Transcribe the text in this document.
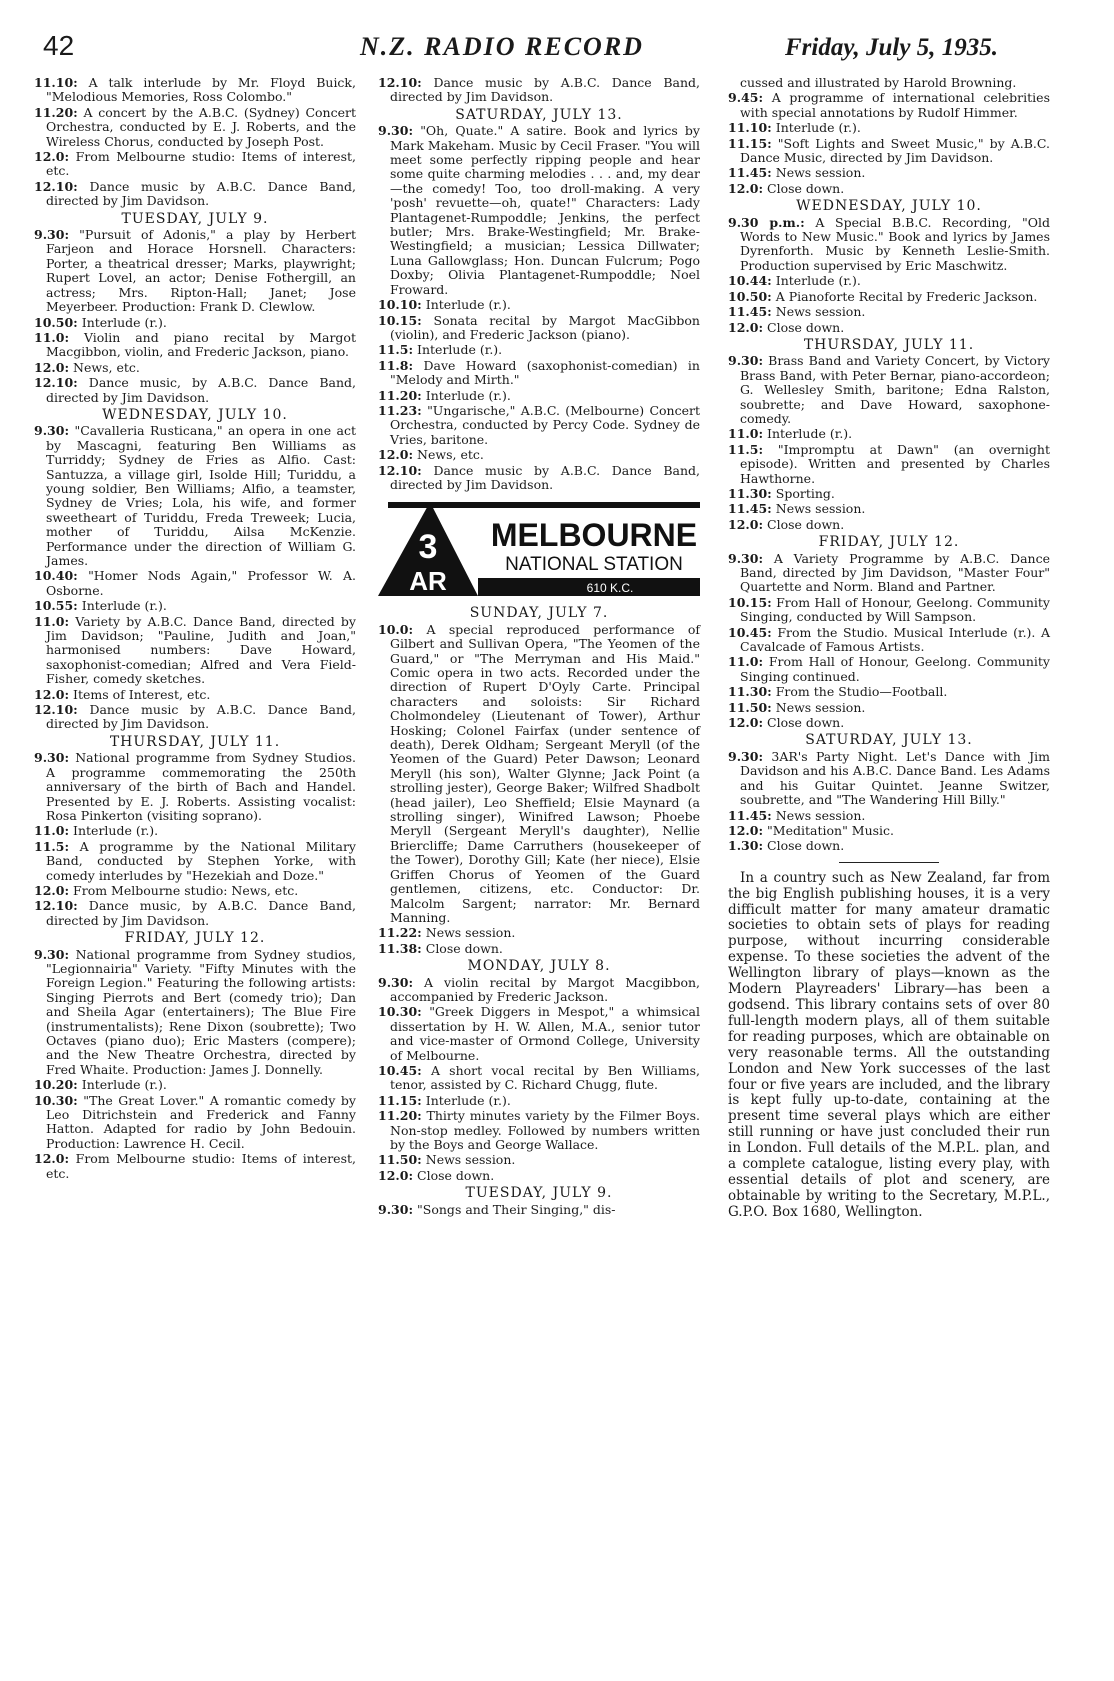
42	N.Z. RADIO RECORD	Friday, July 5, 1935.
11.10: A talk interlude by Mr. Floyd Buick, "Melodious Memories, Ross Colombo."
11.20: A concert by the A.B.C. (Sydney) Concert Orchestra, conducted by E. J. Roberts, and the Wireless Chorus, conducted by Joseph Post.
12.0: From Melbourne studio: Items of interest, etc.
12.10: Dance music by A.B.C. Dance Band, directed by Jim Davidson.
TUESDAY, JULY 9.
9.30: "Pursuit of Adonis," a play by Herbert Farjeon and Horace Horsnell. Characters: Porter, a theatrical dresser; Marks, playwright; Rupert Lovel, an actor; Denise Fothergill, an actress; Mrs. Ripton-Hall; Janet; Jose Meyerbeer. Production: Frank D. Clewlow.
10.50: Interlude (r.).
11.0: Violin and piano recital by Margot Macgibbon, violin, and Frederic Jackson, piano.
12.0: News, etc.
12.10: Dance music, by A.B.C. Dance Band, directed by Jim Davidson.
WEDNESDAY, JULY 10.
9.30: "Cavalleria Rusticana," an opera in one act by Mascagni, featuring Ben Williams as Turriddy; Sydney de Fries as Alfio. Cast: Santuzza, a village girl, Isolde Hill; Turiddu, a young soldier, Ben Williams; Alfio, a teamster, Sydney de Vries; Lola, his wife, and former sweetheart of Turiddu, Freda Treweek; Lucia, mother of Turiddu, Ailsa McKenzie. Performance under the direction of William G. James.
10.40: "Homer Nods Again," Professor W. A. Osborne.
10.55: Interlude (r.).
11.0: Variety by A.B.C. Dance Band, directed by Jim Davidson; "Pauline, Judith and Joan," harmonised numbers: Dave Howard, saxophonist-comedian; Alfred and Vera Field-Fisher, comedy sketches.
12.0: Items of Interest, etc.
12.10: Dance music by A.B.C. Dance Band, directed by Jim Davidson.
THURSDAY, JULY 11.
9.30: National programme from Sydney Studios. A programme commemorating the 250th anniversary of the birth of Bach and Handel. Presented by E. J. Roberts. Assisting vocalist: Rosa Pinkerton (visiting soprano).
11.0: Interlude (r.).
11.5: A programme by the National Military Band, conducted by Stephen Yorke, with comedy interludes by "Hezekiah and Doze."
12.0: From Melbourne studio: News, etc.
12.10: Dance music, by A.B.C. Dance Band, directed by Jim Davidson.
FRIDAY, JULY 12.
9.30: National programme from Sydney studios, "Legionnairia" Variety. "Fifty Minutes with the Foreign Legion." Featuring the following artists: Singing Pierrots and Bert (comedy trio); Dan and Sheila Agar (entertainers); The Blue Fire (instrumentalists); Rene Dixon (soubrette); Two Octaves (piano duo); Eric Masters (compere); and the New Theatre Orchestra, directed by Fred Whaite. Production: James J. Donnelly.
10.20: Interlude (r.).
10.30: "The Great Lover." A romantic comedy by Leo Ditrichstein and Frederick and Fanny Hatton. Adapted for radio by John Bedouin. Production: Lawrence H. Cecil.
12.0: From Melbourne studio: Items of interest, etc.
12.10: Dance music by A.B.C. Dance Band, directed by Jim Davidson.
SATURDAY, JULY 13.
9.30: "Oh, Quate." A satire. Book and lyrics by Mark Makeham. Music by Cecil Fraser. "You will meet some perfectly ripping people and hear some quite charming melodies . . . and, my dear—the comedy! Too, too droll-making. A very 'posh' revuette—oh, quate!" Characters: Lady Plantagenet-Rumpoddle; Jenkins, the perfect butler; Mrs. Brake-Westingfield; Mr. Brake-Westingfield; a musician; Lessica Dillwater; Luna Gallowglass; Hon. Duncan Fulcrum; Pogo Doxby; Olivia Plantagenet-Rumpoddle; Noel Froward.
10.10: Interlude (r.).
10.15: Sonata recital by Margot MacGibbon (violin), and Frederic Jackson (piano).
11.5: Interlude (r.).
11.8: Dave Howard (saxophonist-comedian) in "Melody and Mirth."
11.20: Interlude (r.).
11.23: "Ungarische," A.B.C. (Melbourne) Concert Orchestra, conducted by Percy Code. Sydney de Vries, baritone.
12.0: News, etc.
12.10: Dance music by A.B.C. Dance Band, directed by Jim Davidson.
3
AR
MELBOURNE
NATIONAL STATION
610 K.C.
SUNDAY, JULY 7.
10.0: A special reproduced performance of Gilbert and Sullivan Opera, "The Yeomen of the Guard," or "The Merryman and His Maid." Comic opera in two acts. Recorded under the direction of Rupert D'Oyly Carte. Principal characters and soloists: Sir Richard Cholmondeley (Lieutenant of Tower), Arthur Hosking; Colonel Fairfax (under sentence of death), Derek Oldham; Sergeant Meryll (of the Yeomen of the Guard) Peter Dawson; Leonard Meryll (his son), Walter Glynne; Jack Point (a strolling jester), George Baker; Wilfred Shadbolt (head jailer), Leo Sheffield; Elsie Maynard (a strolling singer), Winifred Lawson; Phoebe Meryll (Sergeant Meryll's daughter), Nellie Briercliffe; Dame Carruthers (housekeeper of the Tower), Dorothy Gill; Kate (her niece), Elsie Griffen Chorus of Yeomen of the Guard gentlemen, citizens, etc. Conductor: Dr. Malcolm Sargent; narrator: Mr. Bernard Manning.
11.22: News session.
11.38: Close down.
MONDAY, JULY 8.
9.30: A violin recital by Margot Macgibbon, accompanied by Frederic Jackson.
10.30: "Greek Diggers in Mespot," a whimsical dissertation by H. W. Allen, M.A., senior tutor and vice-master of Ormond College, University of Melbourne.
10.45: A short vocal recital by Ben Williams, tenor, assisted by C. Richard Chugg, flute.
11.15: Interlude (r.).
11.20: Thirty minutes variety by the Filmer Boys. Non-stop medley. Followed by numbers written by the Boys and George Wallace.
11.50: News session.
12.0: Close down.
TUESDAY, JULY 9.
9.30: "Songs and Their Singing," dis-
cussed and illustrated by Harold Browning.
9.45: A programme of international celebrities with special annotations by Rudolf Himmer.
11.10: Interlude (r.).
11.15: "Soft Lights and Sweet Music," by A.B.C. Dance Music, directed by Jim Davidson.
11.45: News session.
12.0: Close down.
WEDNESDAY, JULY 10.
9.30 p.m.: A Special B.B.C. Recording, "Old Words to New Music." Book and lyrics by James Dyrenforth. Music by Kenneth Leslie-Smith. Production supervised by Eric Maschwitz.
10.44: Interlude (r.).
10.50: A Pianoforte Recital by Frederic Jackson.
11.45: News session.
12.0: Close down.
THURSDAY, JULY 11.
9.30: Brass Band and Variety Concert, by Victory Brass Band, with Peter Bernar, piano-accordeon; G. Wellesley Smith, baritone; Edna Ralston, soubrette; and Dave Howard, saxophone-comedy.
11.0: Interlude (r.).
11.5: "Impromptu at Dawn" (an overnight episode). Written and presented by Charles Hawthorne.
11.30: Sporting.
11.45: News session.
12.0: Close down.
FRIDAY, JULY 12.
9.30: A Variety Programme by A.B.C. Dance Band, directed by Jim Davidson, "Master Four" Quartette and Norm. Bland and Partner.
10.15: From Hall of Honour, Geelong. Community Singing, conducted by Will Sampson.
10.45: From the Studio. Musical Interlude (r.). A Cavalcade of Famous Artists.
11.0: From Hall of Honour, Geelong. Community Singing continued.
11.30: From the Studio—Football.
11.50: News session.
12.0: Close down.
SATURDAY, JULY 13.
9.30: 3AR's Party Night. Let's Dance with Jim Davidson and his A.B.C. Dance Band. Les Adams and his Guitar Quintet. Jeanne Switzer, soubrette, and "The Wandering Hill Billy."
11.45: News session.
12.0: "Meditation" Music.
1.30: Close down.
In a country such as New Zealand, far from the big English publishing houses, it is a very difficult matter for many amateur dramatic societies to obtain sets of plays for reading purpose, without incurring considerable expense. To these societies the advent of the Wellington library of plays—known as the Modern Playreaders' Library—has been a godsend. This library contains sets of over 80 full-length modern plays, all of them suitable for reading purposes, which are obtainable on very reasonable terms. All the outstanding London and New York successes of the last four or five years are included, and the library is kept fully up-to-date, containing at the present time several plays which are either still running or have just concluded their run in London. Full details of the M.P.L. plan, and a complete catalogue, listing every play, with essential details of plot and scenery, are obtainable by writing to the Secretary, M.P.L., G.P.O. Box 1680, Wellington.
